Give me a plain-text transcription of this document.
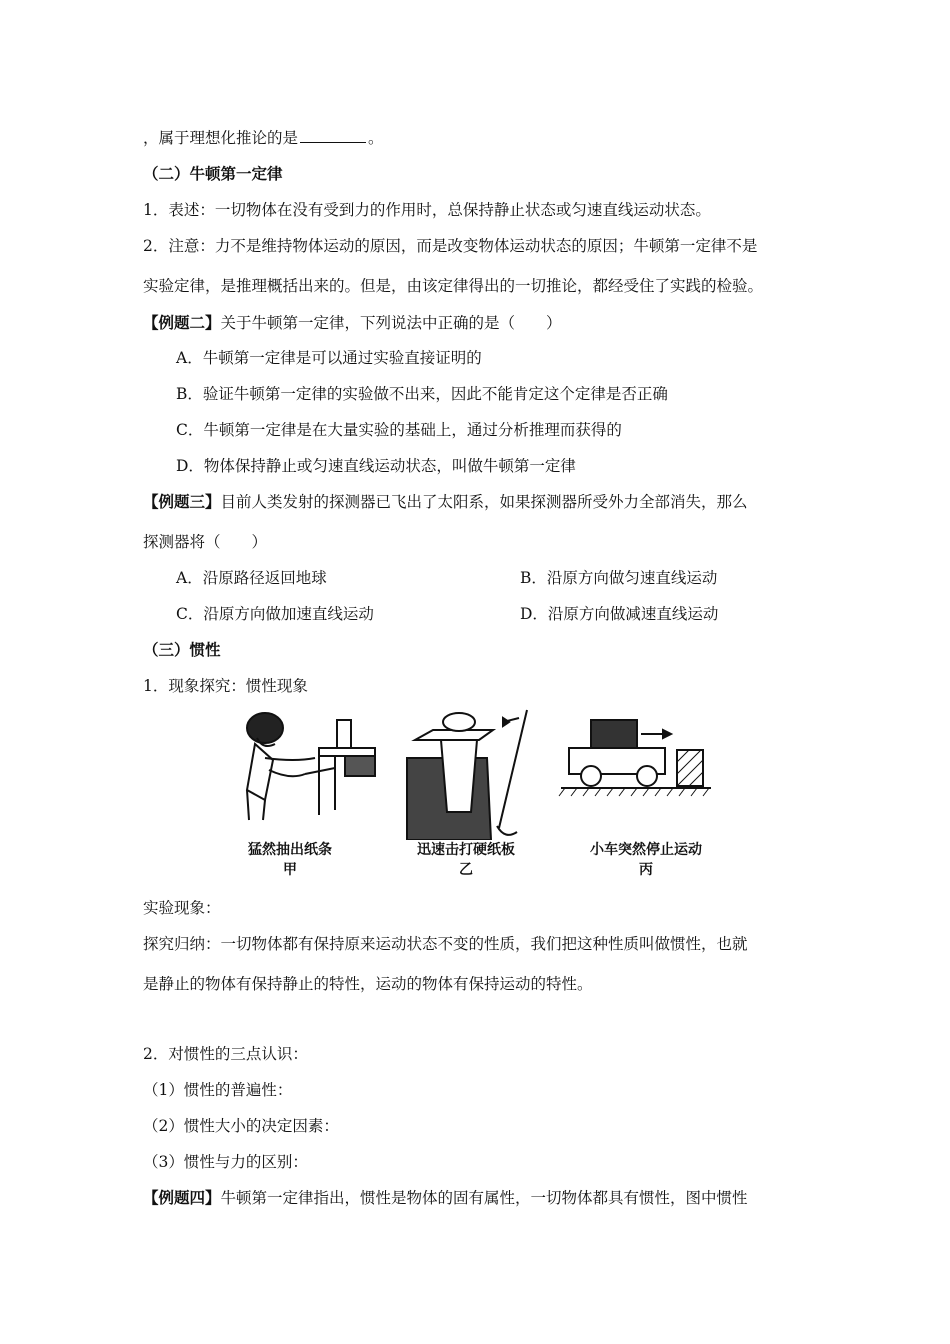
，属于理想化推论的是	。
（二）牛顿第一定律
1．表述：一切物体在没有受到力的作用时，总保持静止状态或匀速直线运动状态。
2．注意：力不是维持物体运动的原因，而是改变物体运动状态的原因；牛顿第一定律不是
实验定律，是推理概括出来的。但是，由该定律得出的一切推论，都经受住了实践的检验。
【例题二】关于牛顿第一定律，下列说法中正确的是（　　）
A．牛顿第一定律是可以通过实验直接证明的
B．验证牛顿第一定律的实验做不出来，因此不能肯定这个定律是否正确
C．牛顿第一定律是在大量实验的基础上，通过分析推理而获得的
D．物体保持静止或匀速直线运动状态，叫做牛顿第一定律
【例题三】目前人类发射的探测器已飞出了太阳系，如果探测器所受外力全部消失，那么
探测器将（　　）
A．沿原路径返回地球	B．沿原方向做匀速直线运动
C．沿原方向做加速直线运动	D．沿原方向做减速直线运动
（三）惯性
1．现象探究：惯性现象
猛然抽出纸条
甲
迅速击打硬纸板
乙
小车突然停止运动
丙
实验现象：
探究归纳：一切物体都有保持原来运动状态不变的性质，我们把这种性质叫做惯性，也就
是静止的物体有保持静止的特性，运动的物体有保持运动的特性。
2．对惯性的三点认识：
（1）惯性的普遍性：
（2）惯性大小的决定因素：
（3）惯性与力的区别：
【例题四】牛顿第一定律指出，惯性是物体的固有属性，一切物体都具有惯性，图中惯性
